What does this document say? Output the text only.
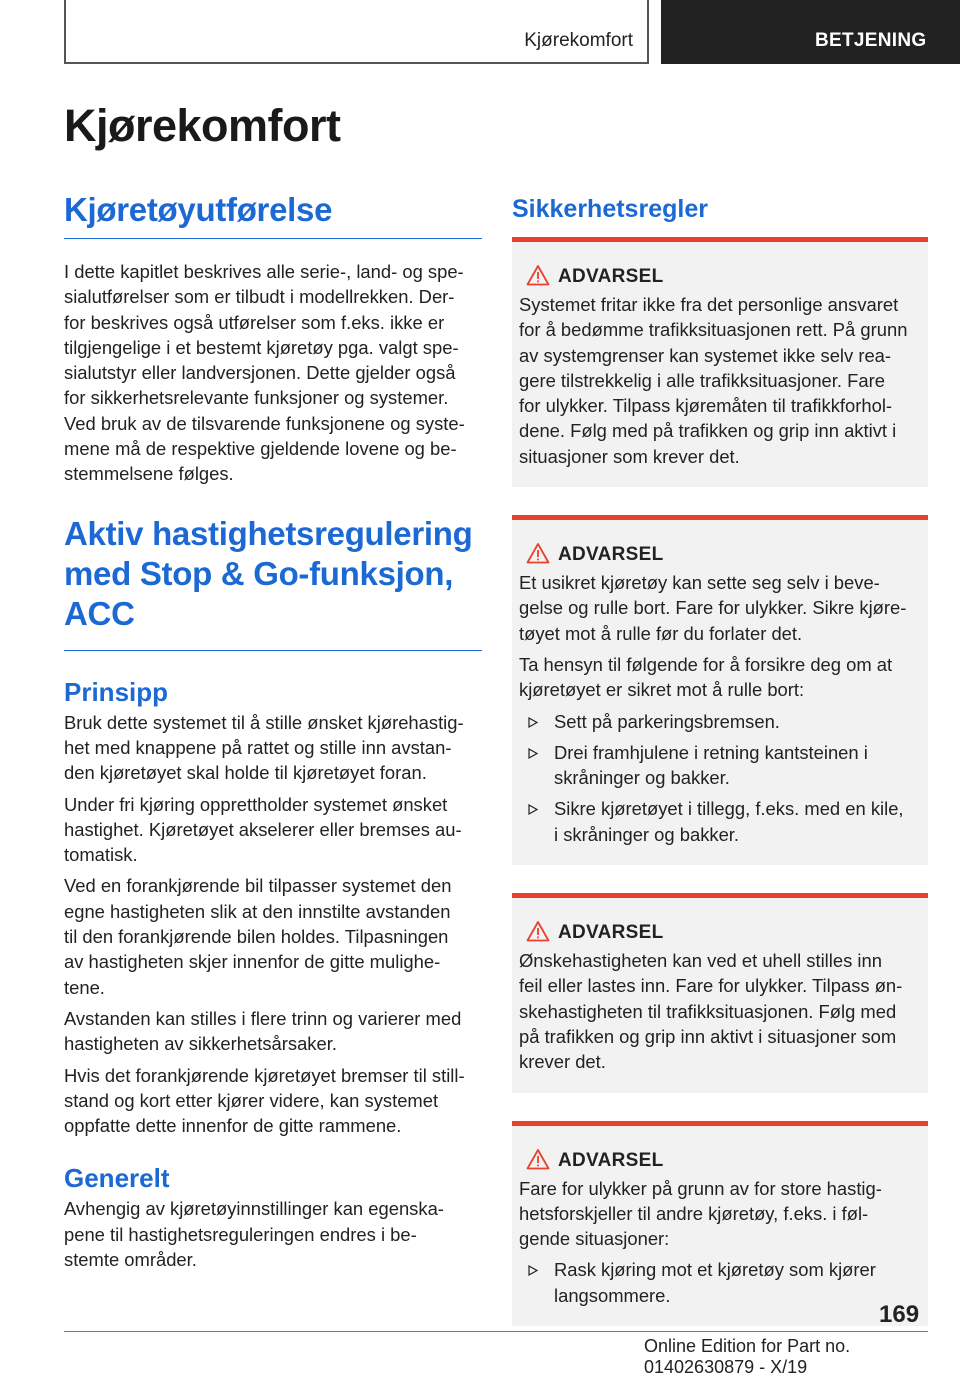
Kjørekomfort	BETJENING
Kjørekomfort
Kjøretøyutførelse
I dette kapitlet beskrives alle serie-, land- og spe-
sialutførelser som er tilbudt i modellrekken. Der-
for beskrives også utførelser som f.eks. ikke er
tilgjengelige i et bestemt kjøretøy pga. valgt spe-
sialutstyr eller landversjonen. Dette gjelder også
for sikkerhetsrelevante funksjoner og systemer.
Ved bruk av de tilsvarende funksjonene og syste-
mene må de respektive gjeldende lovene og be-
stemmelsene følges.
Aktiv hastighetsregulering
med Stop & Go-funksjon,
ACC
Prinsipp
Bruk dette systemet til å stille ønsket kjørehastig-
het med knappene på rattet og stille inn avstan-
den kjøretøyet skal holde til kjøretøyet foran.
Under fri kjøring opprettholder systemet ønsket
hastighet. Kjøretøyet akselerer eller bremses au-
tomatisk.
Ved en forankjørende bil tilpasser systemet den
egne hastigheten slik at den innstilte avstanden
til den forankjørende bilen holdes. Tilpasningen
av hastigheten skjer innenfor de gitte mulighe-
tene.
Avstanden kan stilles i flere trinn og varierer med
hastigheten av sikkerhetsårsaker.
Hvis det forankjørende kjøretøyet bremser til still-
stand og kort etter kjører videre, kan systemet
oppfatte dette innenfor de gitte rammene.
Generelt
Avhengig av kjøretøyinnstillinger kan egenska-
pene til hastighetsreguleringen endres i be-
stemte områder.
Sikkerhetsregler
ADVARSEL
Systemet fritar ikke fra det personlige ansvaret
for å bedømme trafikksituasjonen rett. På grunn
av systemgrenser kan systemet ikke selv rea-
gere tilstrekkelig i alle trafikksituasjoner. Fare
for ulykker. Tilpass kjøremåten til trafikkforhol-
dene. Følg med på trafikken og grip inn aktivt i
situasjoner som krever det.
ADVARSEL
Et usikret kjøretøy kan sette seg selv i beve-
gelse og rulle bort. Fare for ulykker. Sikre kjøre-
tøyet mot å rulle før du forlater det.
Ta hensyn til følgende for å forsikre deg om at
kjøretøyet er sikret mot å rulle bort:
Sett på parkeringsbremsen.
Drei framhjulene i retning kantsteinen i
skråninger og bakker.
Sikre kjøretøyet i tillegg, f.eks. med en kile,
i skråninger og bakker.
ADVARSEL
Ønskehastigheten kan ved et uhell stilles inn
feil eller lastes inn. Fare for ulykker. Tilpass øn-
skehastigheten til trafikksituasjonen. Følg med
på trafikken og grip inn aktivt i situasjoner som
krever det.
ADVARSEL
Fare for ulykker på grunn av for store hastig-
hetsforskjeller til andre kjøretøy, f.eks. i føl-
gende situasjoner:
Rask kjøring mot et kjøretøy som kjører
langsommere.
169
Online Edition for Part no. 01402630879 - X/19
